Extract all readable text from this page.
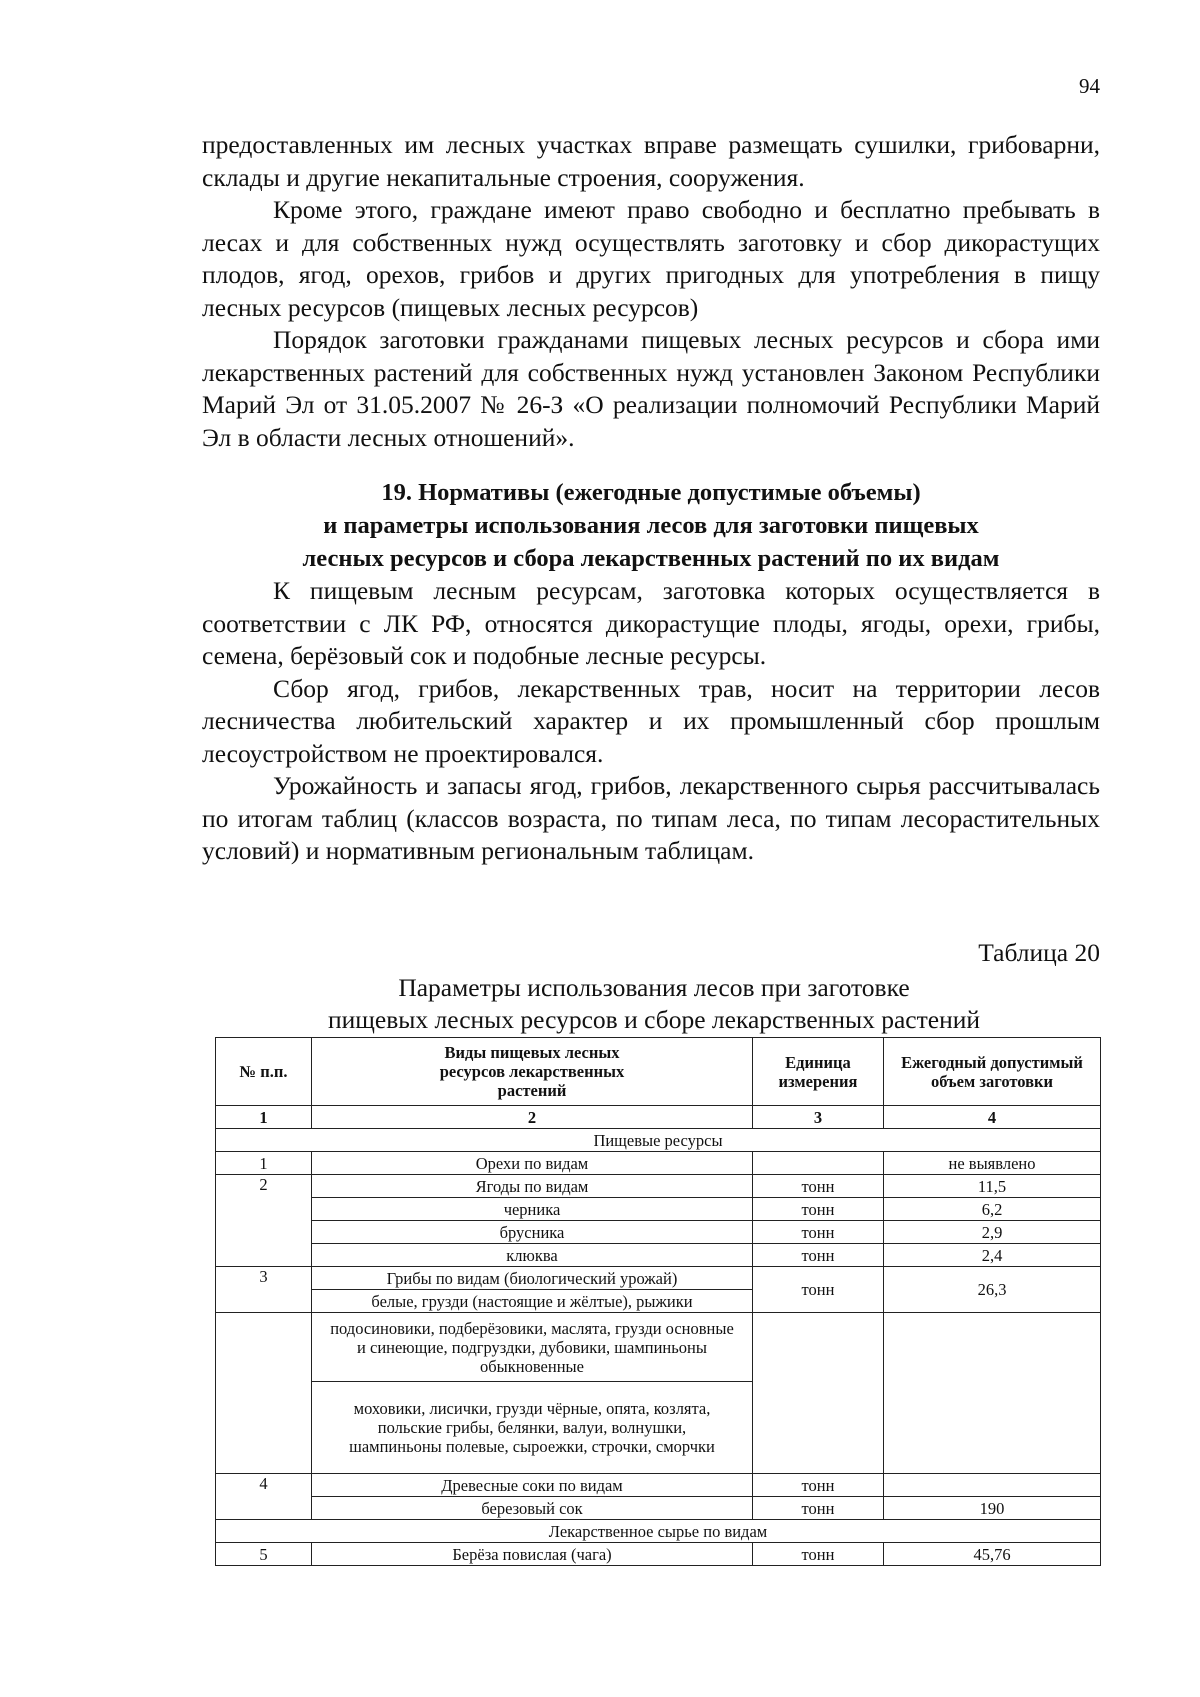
94

предоставленных им лесных участках вправе размещать сушилки, грибоварни, склады и другие некапитальные строения, сооружения.

Кроме этого, граждане имеют право свободно и бесплатно пребывать в лесах и для собственных нужд осуществлять заготовку и сбор дикорастущих плодов, ягод, орехов, грибов и других пригодных для употребления в пищу лесных ресурсов (пищевых лесных ресурсов)

Порядок заготовки гражданами пищевых лесных ресурсов и сбора ими лекарственных растений для собственных нужд установлен Законом Республики Марий Эл от 31.05.2007 № 26-З «О реализации полномочий Республики Марий Эл в области лесных отношений».

19. Нормативы (ежегодные допустимые объемы)
и параметры использования лесов для заготовки пищевых
лесных ресурсов и сбора лекарственных растений по их видам

К пищевым лесным ресурсам, заготовка которых осуществляется в соответствии с ЛК РФ, относятся дикорастущие плоды, ягоды, орехи, грибы, семена, берёзовый сок и подобные лесные ресурсы.

Сбор ягод, грибов, лекарственных трав, носит на территории лесов лесничества любительский характер и их промышленный сбор прошлым лесоустройством не проектировался.

Урожайность и запасы ягод, грибов, лекарственного сырья рассчитывалась по итогам таблиц (классов возраста, по типам леса, по типам лесорастительных условий) и нормативным региональным таблицам.

Таблица 20
Параметры использования лесов при заготовке
пищевых лесных ресурсов и сборе лекарственных растений
№ п.п.	Виды пищевых лесных ресурсов лекарственных растений	Единица измерения	Ежегодный допустимый объем заготовки
1	2	3	4
Пищевые ресурсы			
1	Орехи по видам		не выявлено
2	Ягоды по видам	тонн	11,5
	черника	тонн	6,2
	брусника	тонн	2,9
	клюква	тонн	2,4
3	Грибы по видам (биологический урожай)	тонн	26,3
	белые, грузди (настоящие и жёлтые), рыжики		
	подосиновики, подберёзовики, маслята, грузди основные и синеющие, подгруздки, дубовики, шампиньоны обыкновенные		
	моховики, лисички, грузди чёрные, опята, козлята, польские грибы, белянки, валуи, волнушки, шампиньоны полевые, сыроежки, строчки, сморчки		
4	Древесные соки по видам	тонн	
	березовый сок	тонн	190
Лекарственное сырье по видам			
5	Берёза повислая (чага)	тонн	45,76
